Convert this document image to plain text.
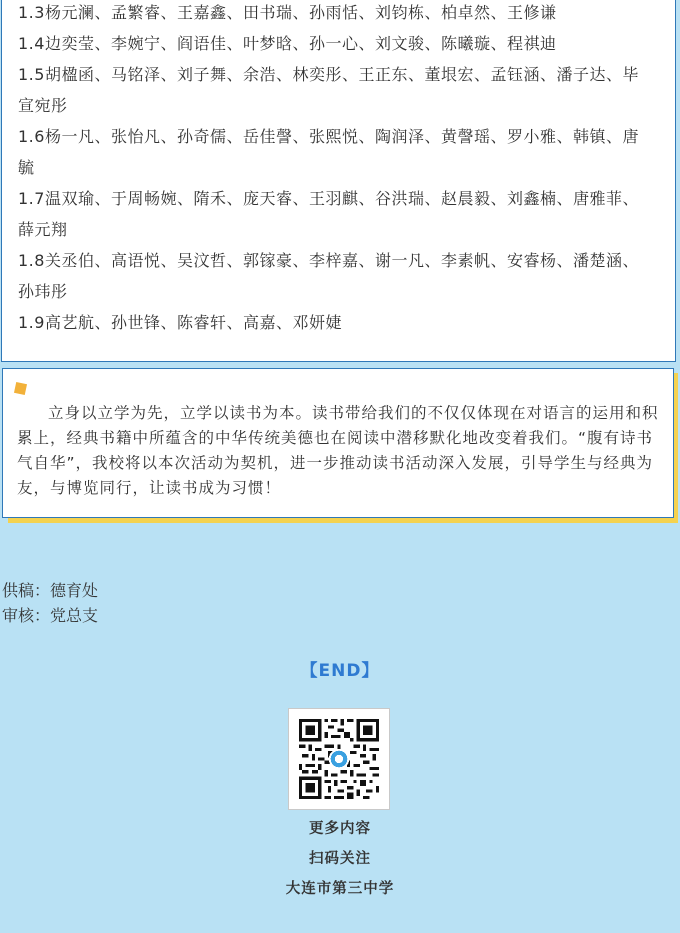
1.3杨元澜、孟繁睿、王嘉鑫、田书瑞、孙雨恬、刘钧栋、柏卓然、王修谦

1.4边奕莹、李婉宁、阎语佳、叶梦晗、孙一心、刘文骏、陈曦璇、程祺迪

1.5胡楹函、马铭泽、刘子舞、余浩、林奕彤、王正东、董垠宏、孟钰涵、潘子达、毕

宣宛彤

1.6杨一凡、张怡凡、孙奇儒、岳佳謦、张熙悦、陶润泽、黄謦瑶、罗小雅、韩镇、唐

毓

1.7温双瑜、于周畅婉、隋禾、庞天睿、王羽麒、谷洪瑞、赵晨毅、刘鑫楠、唐雅菲、

薛元翔

1.8关丞伯、高语悦、吴汶哲、郭镓豪、李梓嘉、谢一凡、李素帆、安睿杨、潘楚涵、

孙玮彤

1.9高艺航、孙世锋、陈睿轩、高嘉、邓妍婕

立身以立学为先，立学以读书为本。读书带给我们的不仅仅体现在对语言的运用和积累上，经典书籍中所蕴含的中华传统美德也在阅读中潜移默化地改变着我们。“腹有诗书气自华”，我校将以本次活动为契机，进一步推动读书活动深入发展，引导学生与经典为友，与博览同行，让读书成为习惯！
供稿：德育处
审核：党总支
【END】
更多内容
扫码关注
大连市第三中学
